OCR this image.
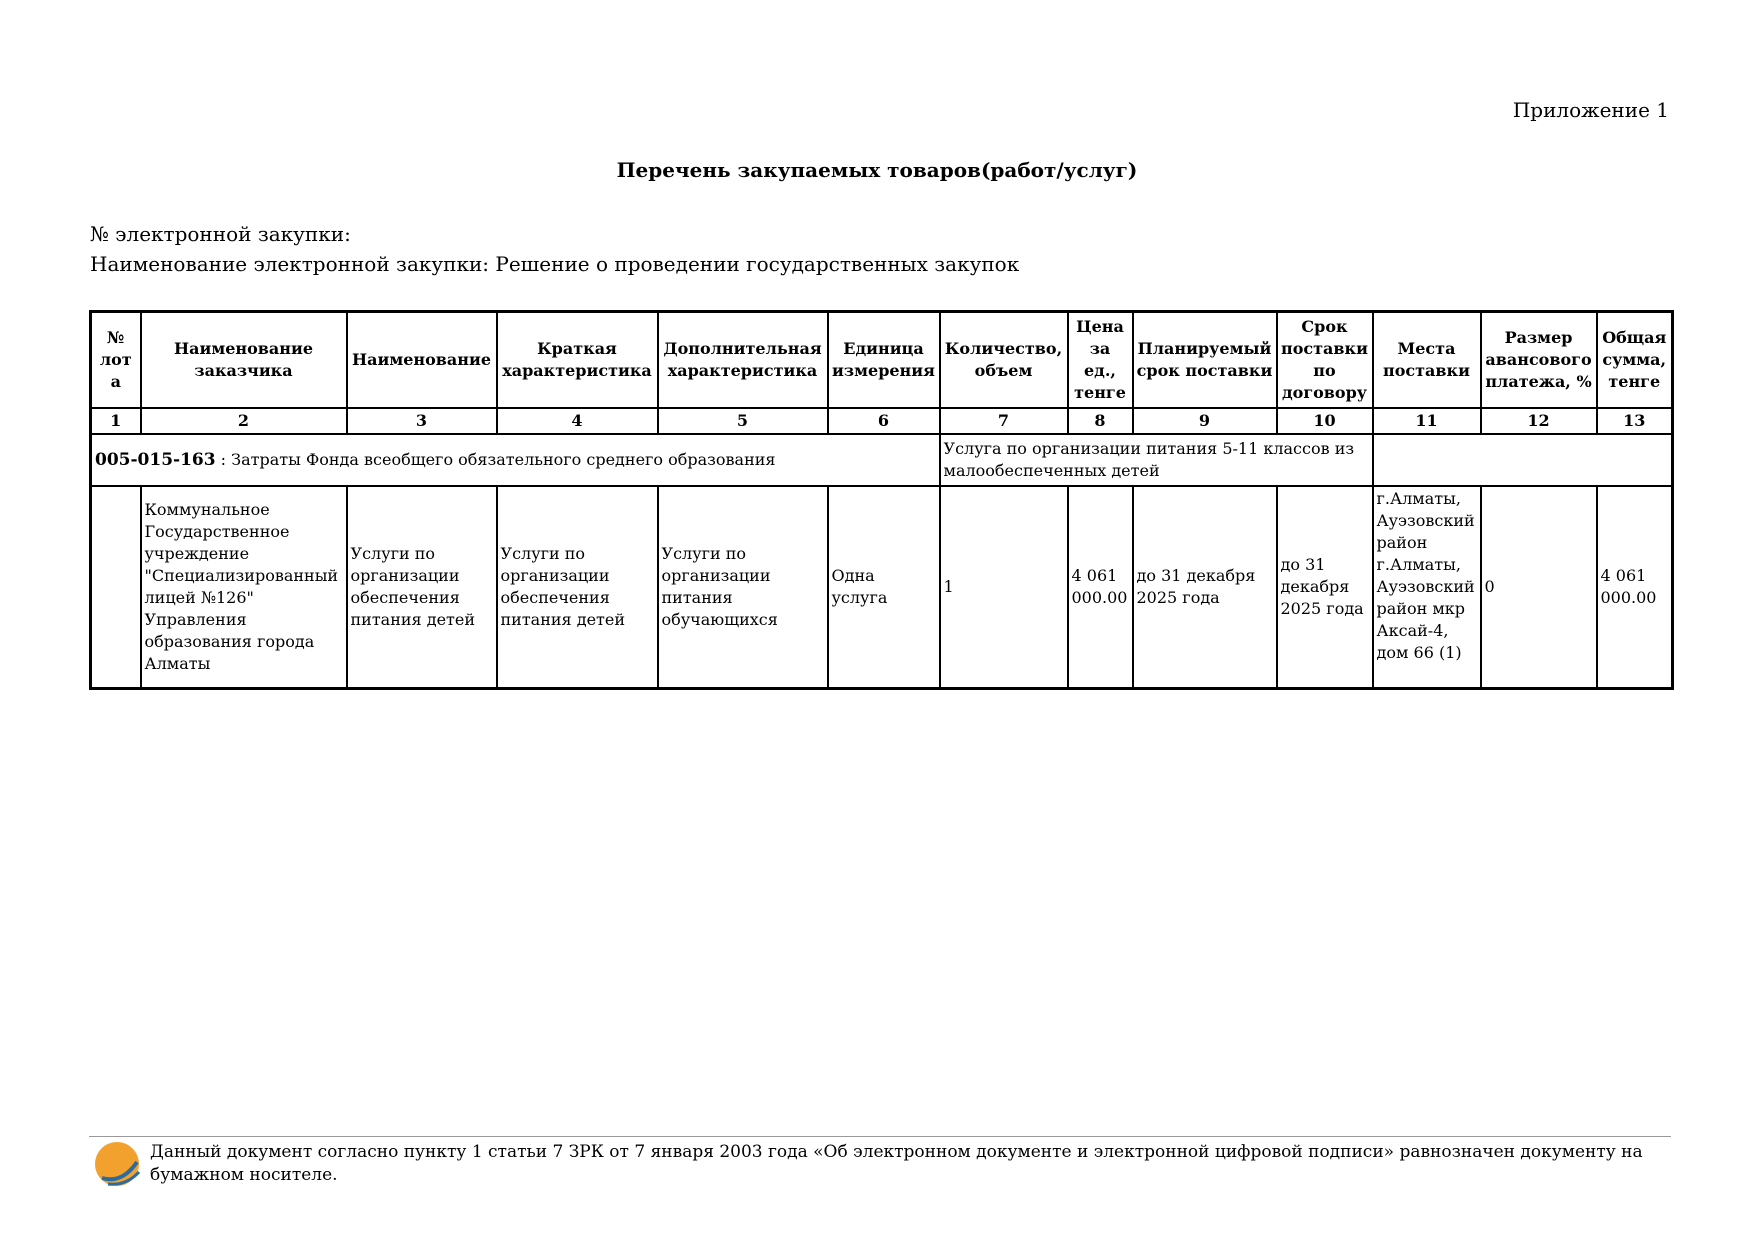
Приложение 1
Перечень закупаемых товаров(работ/услуг)
№ электронной закупки:
Наименование электронной закупки: Решение о проведении государственных закупок
№ лота	Наименование заказчика	Наименование	Краткая характеристика	Дополнительная характеристика	Единица измерения	Количество, объем	Цена за ед., тенге	Планируемый срок поставки	Срок поставки по договору	Места поставки	Размер авансового платежа, %	Общая сумма, тенге
1	2	3	4	5	6	7	8	9	10	11	12	13
005-015-163 : Затраты Фонда всеобщего обязательного среднего образования						Услуга по организации питания 5-11 классов из малообеспеченных детей						
	Коммунальное Государственное учреждение "Специализированный лицей №126" Управления образования города Алматы	Услуги по организации обеспечения питания детей	Услуги по организации обеспечения питания детей	Услуги по организации питания обучающихся	Одна услуга	1	4 061 000.00	до 31 декабря 2025 года	до 31 декабря 2025 года	г.Алматы, Ауэзовский район г.Алматы, Ауэзовский район мкр Аксай-4, дом 66 (1)	0	4 061 000.00
Данный документ согласно пункту 1 статьи 7 ЗРК от 7 января 2003 года «Об электронном документе и электронной цифровой подписи» равнозначен документу на бумажном носителе.
